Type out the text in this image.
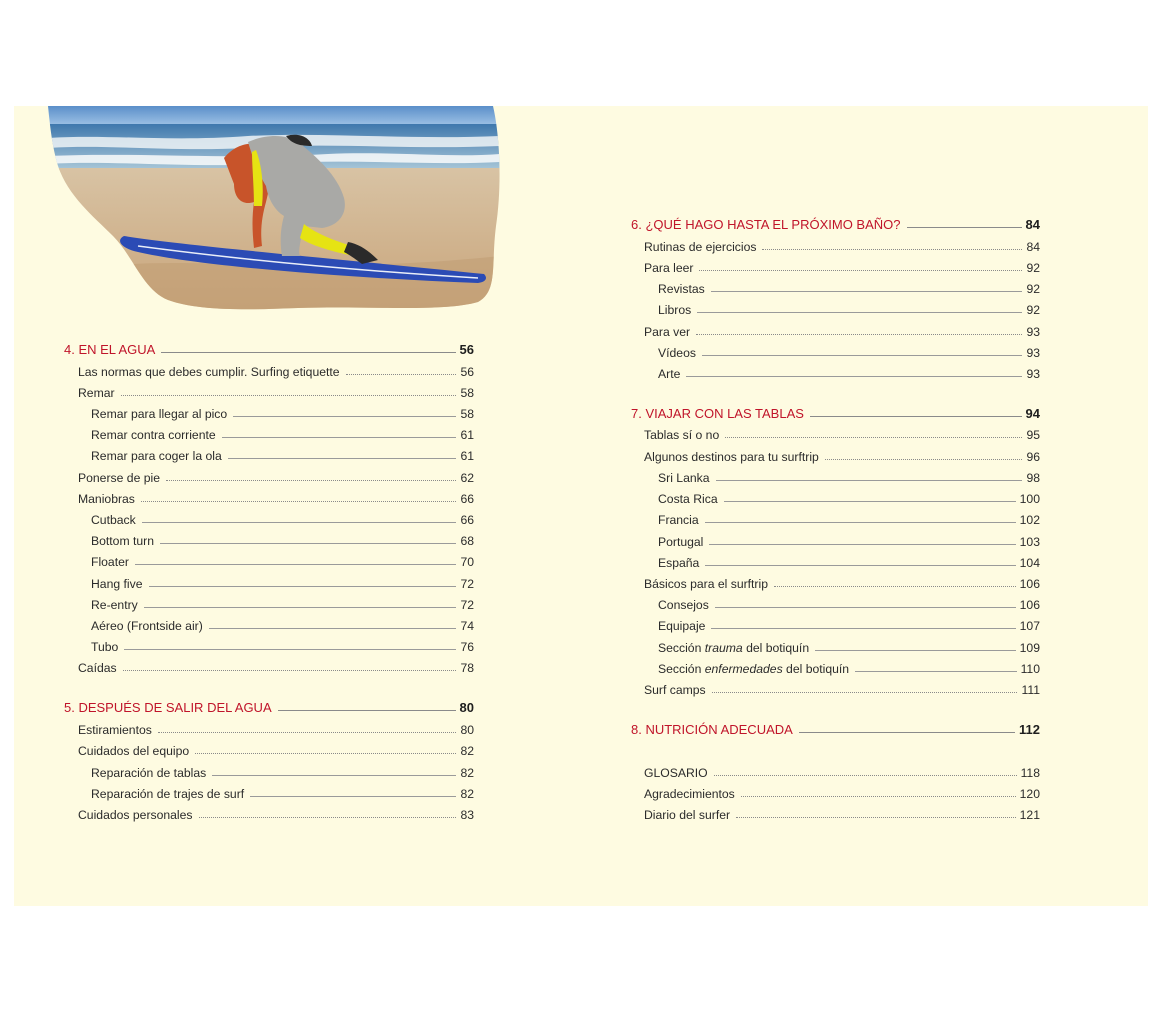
4. EN EL AGUA	56
Las normas que debes cumplir. Surfing etiquette	56
Remar	58
Remar para llegar al pico	58
Remar contra corriente	61
Remar para coger la ola	61
Ponerse de pie	62
Maniobras	66
Cutback	66
Bottom turn	68
Floater	70
Hang five	72
Re-entry	72
Aéreo (Frontside air)	74
Tubo	76
Caídas	78
5. DESPUÉS DE SALIR DEL AGUA	80
Estiramientos	80
Cuidados del equipo	82
Reparación de tablas	82
Reparación de trajes de surf	82
Cuidados personales	83
6. ¿QUÉ HAGO HASTA EL PRÓXIMO BAÑO?	84
Rutinas de ejercicios	84
Para leer	92
Revistas	92
Libros	92
Para ver	93
Vídeos	93
Arte	93
7. VIAJAR CON LAS TABLAS	94
Tablas sí o no	95
Algunos destinos para tu surftrip	96
Sri Lanka	98
Costa Rica	100
Francia	102
Portugal	103
España	104
Básicos para el surftrip	106
Consejos	106
Equipaje	107
Sección trauma del botiquín	109
Sección enfermedades del botiquín	110
Surf camps	111
8. NUTRICIÓN ADECUADA	112
GLOSARIO	118
Agradecimientos	120
Diario del surfer	121
